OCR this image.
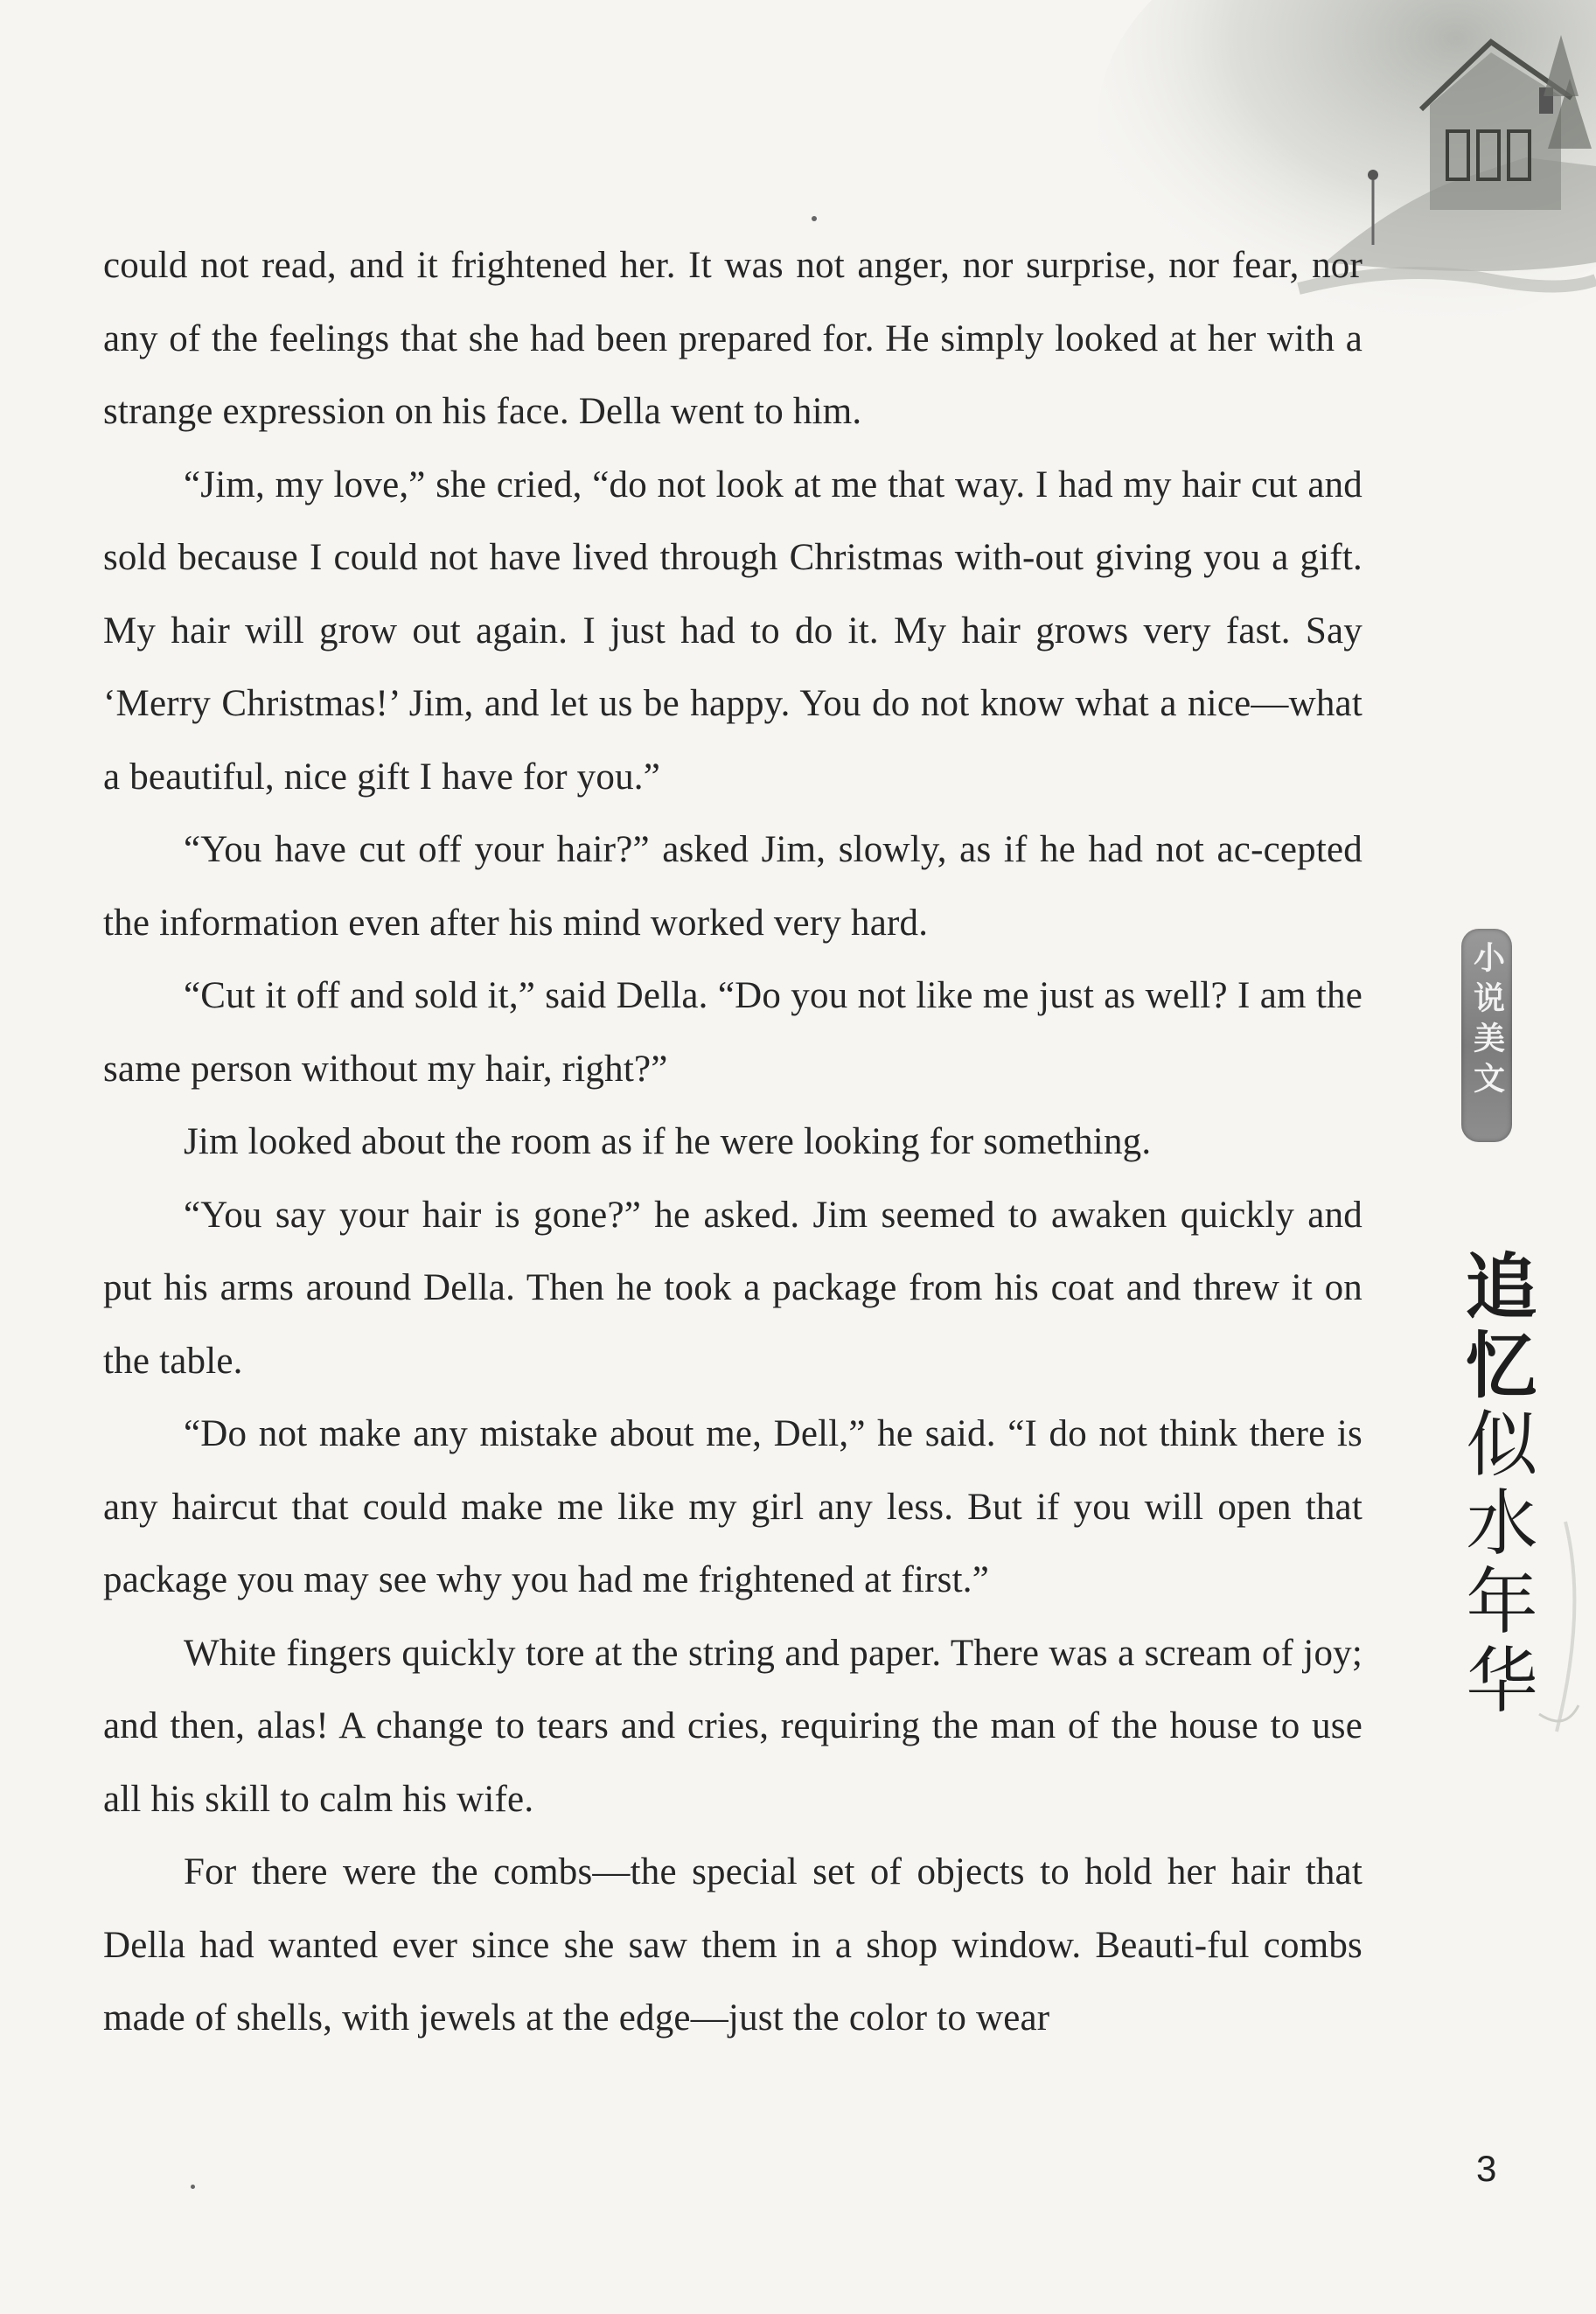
could not read, and it frightened her. It was not anger, nor surprise, nor fear, nor any of the feelings that she had been prepared for. He simply looked at her with a strange expression on his face. Della went to him.

“Jim, my love,” she cried, “do not look at me that way. I had my hair cut and sold because I could not have lived through Christmas with-out giving you a gift. My hair will grow out again. I just had to do it. My hair grows very fast. Say ‘Merry Christmas!’ Jim, and let us be happy. You do not know what a nice—what a beautiful, nice gift I have for you.”

“You have cut off your hair?” asked Jim, slowly, as if he had not ac-cepted the information even after his mind worked very hard.

“Cut it off and sold it,” said Della. “Do you not like me just as well? I am the same person without my hair, right?”

Jim looked about the room as if he were looking for something.

“You say your hair is gone?” he asked. Jim seemed to awaken quickly and put his arms around Della. Then he took a package from his coat and threw it on the table.

“Do not make any mistake about me, Dell,” he said. “I do not think there is any haircut that could make me like my girl any less. But if you will open that package you may see why you had me frightened at first.”

White fingers quickly tore at the string and paper. There was a scream of joy; and then, alas! A change to tears and cries, requiring the man of the house to use all his skill to calm his wife.

For there were the combs—the special set of objects to hold her hair that Della had wanted ever since she saw them in a shop window. Beauti-ful combs made of shells, with jewels at the edge—just the color to wear

小说美文
追忆似水年华
3
